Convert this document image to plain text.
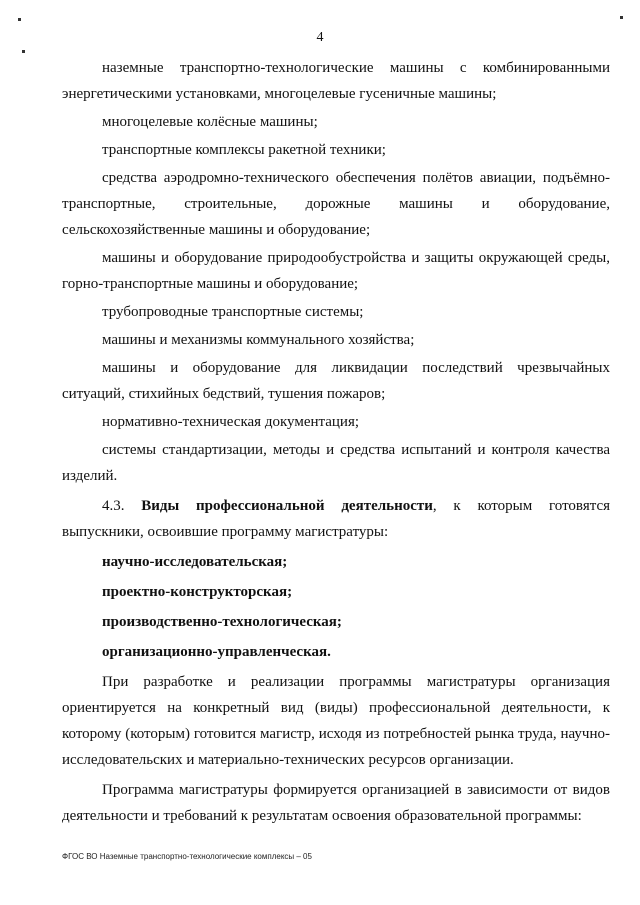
4

наземные транспортно-технологические машины с комбинированными энергетическими установками, многоцелевые гусеничные машины;

многоцелевые колёсные машины;

транспортные комплексы ракетной техники;

средства аэродромно-технического обеспечения полётов авиации, подъёмно-транспортные, строительные, дорожные машины и оборудование, сельскохозяйственные машины и оборудование;

машины и оборудование природообустройства и защиты окружающей среды, горно-транспортные машины и оборудование;

трубопроводные транспортные системы;

машины и механизмы коммунального хозяйства;

машины и оборудование для ликвидации последствий чрезвычайных ситуаций, стихийных бедствий, тушения пожаров;

нормативно-техническая документация;

системы стандартизации, методы и средства испытаний и контроля качества изделий.

4.3. Виды профессиональной деятельности, к которым готовятся выпускники, освоившие программу магистратуры:

научно-исследовательская;

проектно-конструкторская;

производственно-технологическая;

организационно-управленческая.

При разработке и реализации программы магистратуры организация ориентируется на конкретный вид (виды) профессиональной деятельности, к которому (которым) готовится магистр, исходя из потребностей рынка труда, научно-исследовательских и материально-технических ресурсов организации.

Программа магистратуры формируется организацией в зависимости от видов деятельности и требований к результатам освоения образовательной программы:

ФГОС ВО Наземные транспортно-технологические комплексы – 05
